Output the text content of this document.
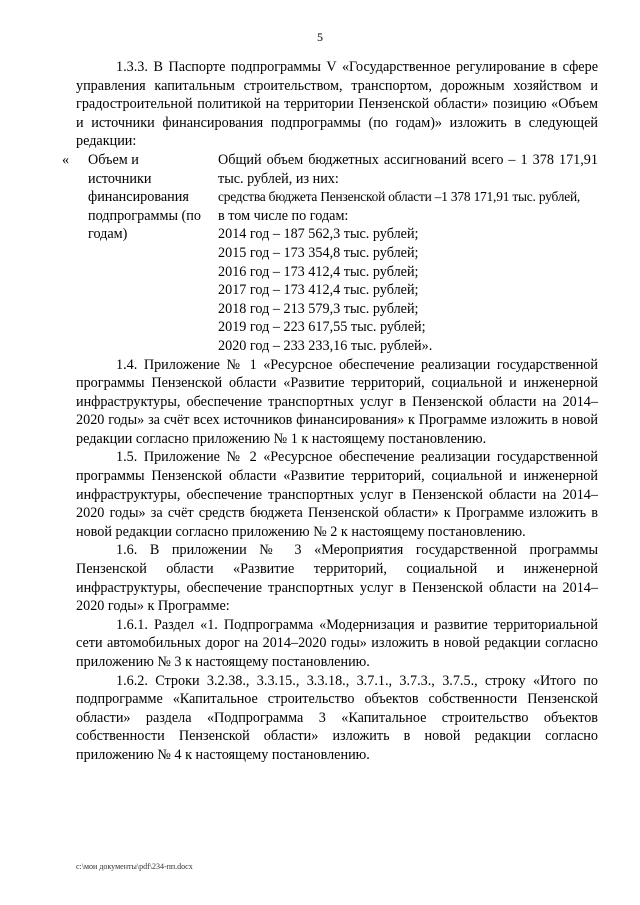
5

1.3.3. В Паспорте подпрограммы V «Государственное регулирование в сфере управления капитальным строительством, транспортом, дорожным хозяйством и градостроительной политикой на территории Пензенской области» позицию «Объем и источники финансирования подпрограммы (по годам)» изложить в следующей редакции:

«	Объем и источники финансирования подпрограммы (по годам)
Общий объем бюджетных ассигнований всего – 1 378 171,91 тыс. рублей, из них:
средства бюджета Пензенской области –1 378 171,91 тыс. рублей,
в том числе по годам:
2014 год – 187 562,3 тыс. рублей;
2015 год – 173 354,8 тыс. рублей;
2016 год – 173 412,4 тыс. рублей;
2017 год – 173 412,4 тыс. рублей;
2018 год – 213 579,3 тыс. рублей;
2019 год – 223 617,55 тыс. рублей;
2020 год – 233 233,16 тыс. рублей».

1.4. Приложение № 1 «Ресурсное обеспечение реализации государственной программы Пензенской области «Развитие территорий, социальной и инженерной инфраструктуры, обеспечение транспортных услуг в Пензенской области на 2014–2020 годы» за счёт всех источников финансирования» к Программе изложить в новой редакции согласно приложению № 1 к настоящему постановлению.

1.5. Приложение № 2 «Ресурсное обеспечение реализации государственной программы Пензенской области «Развитие территорий, социальной и инженерной инфраструктуры, обеспечение транспортных услуг в Пензенской области на 2014–2020 годы» за счёт средств бюджета Пензенской области» к Программе изложить в новой редакции согласно приложению № 2 к настоящему постановлению.

1.6. В приложении № 3 «Мероприятия государственной программы Пензенской области «Развитие территорий, социальной и инженерной инфраструктуры, обеспечение транспортных услуг в Пензенской области на 2014–2020 годы» к Программе:

1.6.1. Раздел «1. Подпрограмма «Модернизация и развитие территориальной сети автомобильных дорог на 2014–2020 годы» изложить в новой редакции согласно приложению № 3 к настоящему постановлению.

1.6.2. Строки 3.2.38., 3.3.15., 3.3.18., 3.7.1., 3.7.3., 3.7.5., строку «Итого по подпрограмме «Капитальное строительство объектов собственности Пензенской области» раздела «Подпрограмма 3 «Капитальное строительство объектов собственности Пензенской области» изложить в новой редакции согласно приложению № 4 к настоящему постановлению.

c:\мои документы\pdf\234-пп.docx
